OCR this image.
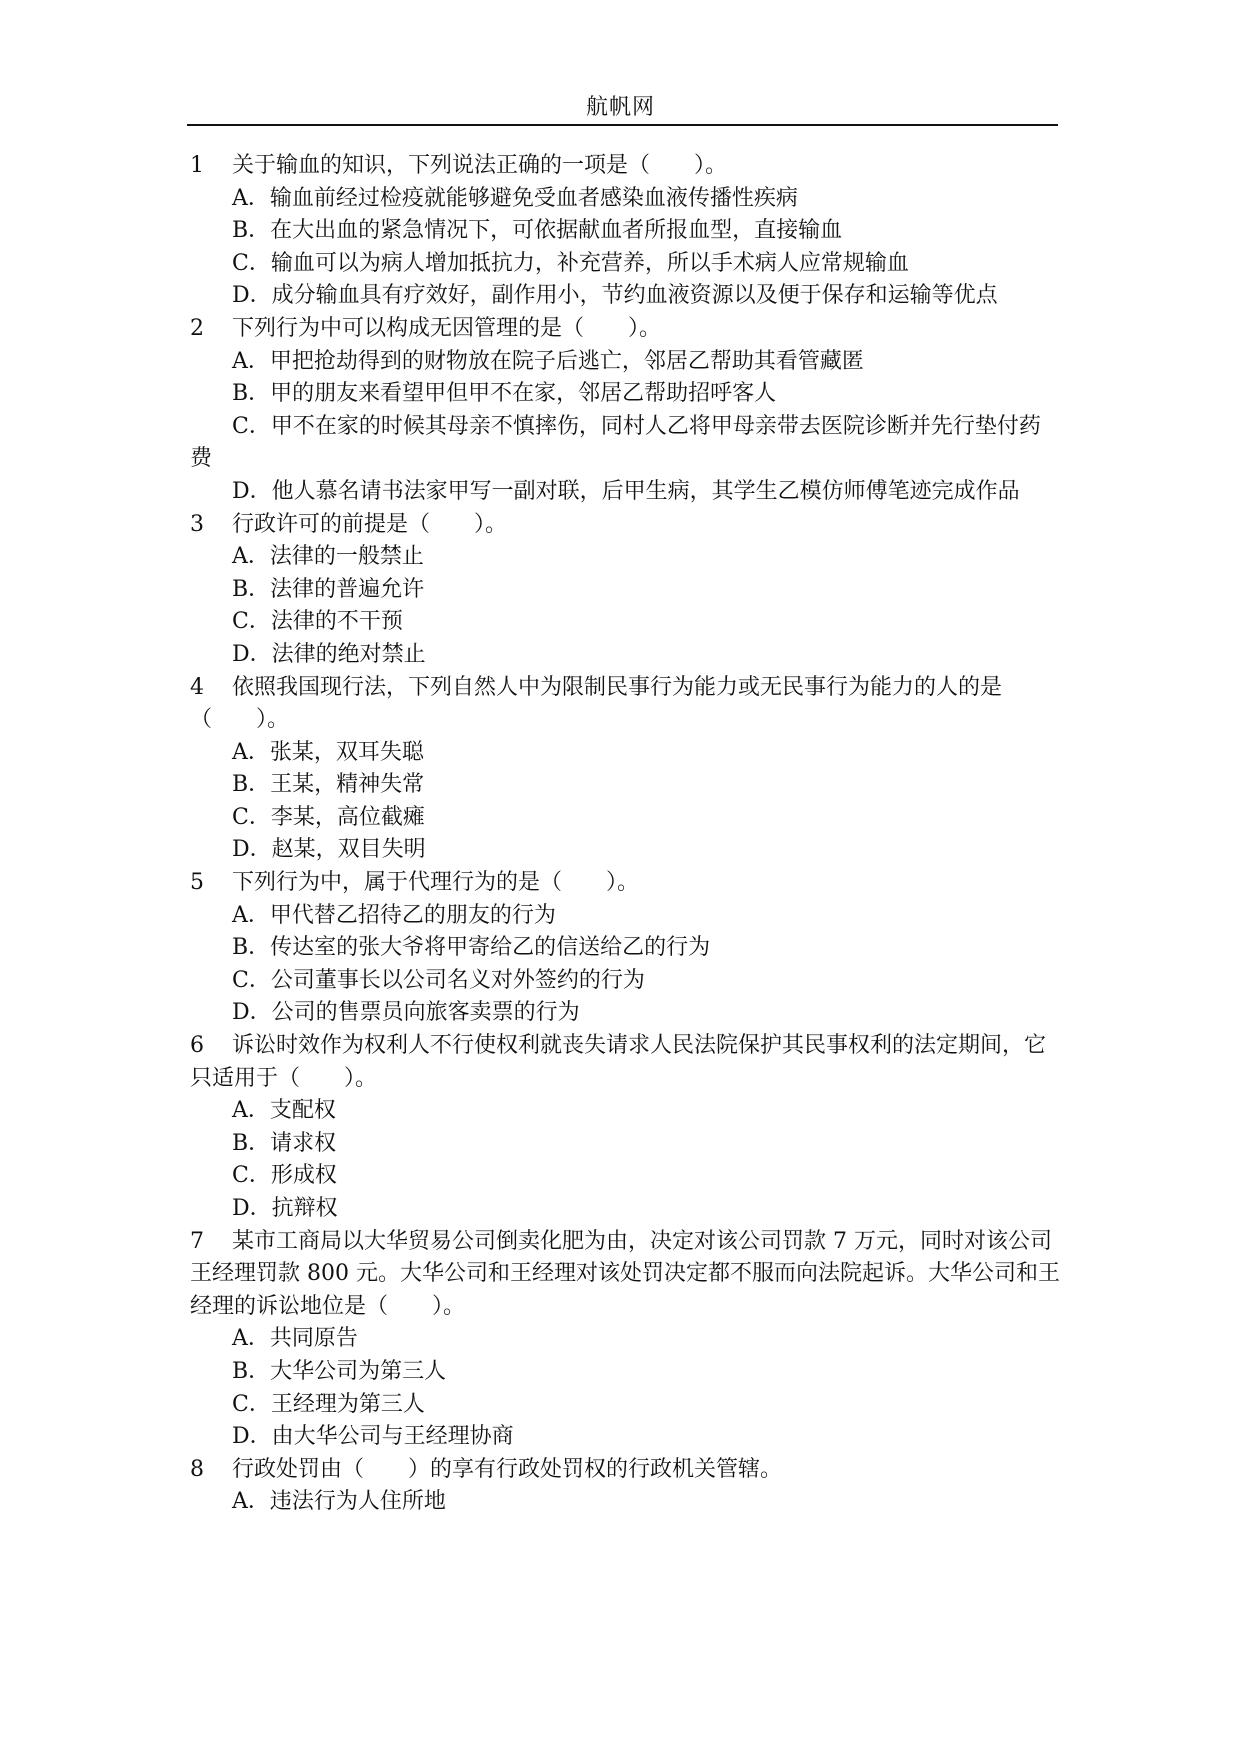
航帆网

1 关于输血的知识，下列说法正确的一项是（　　）。

A．输血前经过检疫就能够避免受血者感染血液传播性疾病

B．在大出血的紧急情况下，可依据献血者所报血型，直接输血

C．输血可以为病人增加抵抗力，补充营养，所以手术病人应常规输血

D．成分输血具有疗效好，副作用小，节约血液资源以及便于保存和运输等优点

2 下列行为中可以构成无因管理的是（　　）。

A．甲把抢劫得到的财物放在院子后逃亡，邻居乙帮助其看管藏匿

B．甲的朋友来看望甲但甲不在家，邻居乙帮助招呼客人

C．甲不在家的时候其母亲不慎摔伤，同村人乙将甲母亲带去医院诊断并先行垫付药费

D．他人慕名请书法家甲写一副对联，后甲生病，其学生乙模仿师傅笔迹完成作品

3 行政许可的前提是（　　）。

A．法律的一般禁止

B．法律的普遍允许

C．法律的不干预

D．法律的绝对禁止

4 依照我国现行法，下列自然人中为限制民事行为能力或无民事行为能力的人的是（　　）。

A．张某，双耳失聪

B．王某，精神失常

C．李某，高位截瘫

D．赵某，双目失明

5 下列行为中，属于代理行为的是（　　）。

A．甲代替乙招待乙的朋友的行为

B．传达室的张大爷将甲寄给乙的信送给乙的行为

C．公司董事长以公司名义对外签约的行为

D．公司的售票员向旅客卖票的行为

6 诉讼时效作为权利人不行使权利就丧失请求人民法院保护其民事权利的法定期间，它只适用于（　　）。

A．支配权

B．请求权

C．形成权

D．抗辩权

7 某市工商局以大华贸易公司倒卖化肥为由，决定对该公司罚款 7 万元，同时对该公司王经理罚款 800 元。大华公司和王经理对该处罚决定都不服而向法院起诉。大华公司和王经理的诉讼地位是（　　）。

A．共同原告

B．大华公司为第三人

C．王经理为第三人

D．由大华公司与王经理协商

8 行政处罚由（　　）的享有行政处罚权的行政机关管辖。

A．违法行为人住所地
